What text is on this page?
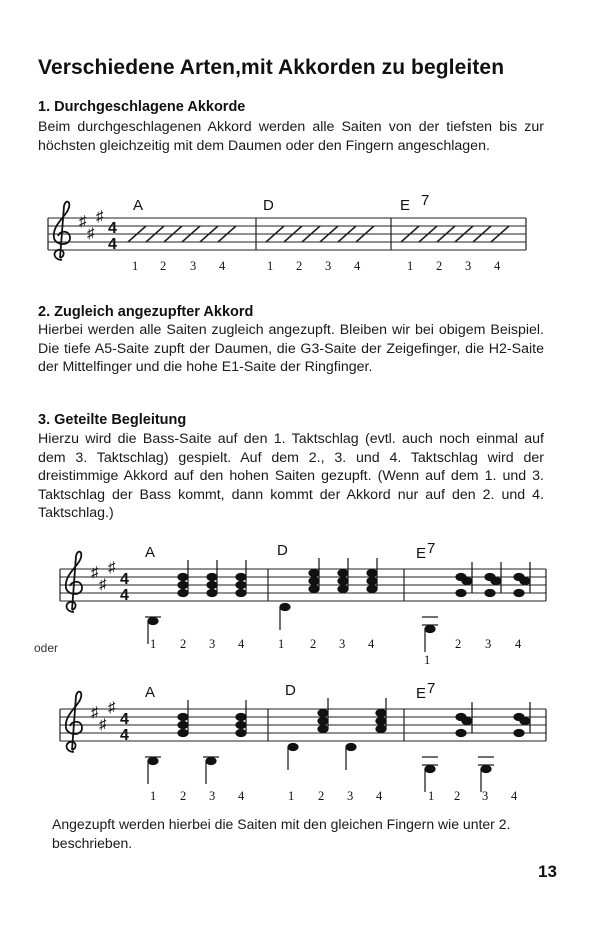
Verschiedene Arten,mit Akkorden zu begleiten
1. Durchgeschlagene Akkorde
Beim durchgeschlagenen Akkord werden alle Saiten von der tiefsten bis zur höchsten gleichzeitig mit dem Daumen oder den Fingern angeschlagen.
♯
♯
♯
4
4
A	D	E 7
1 2 3 4	1 2 3 4	1 2 3 4
2. Zugleich angezupfter Akkord
Hierbei werden alle Saiten zugleich angezupft. Bleiben wir bei obigem Beispiel. Die tiefe A5-Saite zupft der Daumen, die G3-Saite der Zeigefinger, die H2-Saite der Mittelfinger und die hohe E1-Saite der Ringfinger.
3. Geteilte Begleitung
Hierzu wird die Bass-Saite auf den 1. Taktschlag (evtl. auch noch einmal auf dem 3. Taktschlag) gespielt. Auf dem 2., 3. und 4. Taktschlag wird der dreistimmige Akkord auf den hohen Saiten gezupft. (Wenn auf dem 1. und 3. Taktschlag der Bass kommt, dann kommt der Akkord nur auf den 2. und 4. Taktschlag.)
♯
♯
♯
4
4
A	D	E 7
1 2 3 4	1 2 3 4	2 3 4
1
oder
♯
♯
♯
4
4
A	D	E 7
1 2 3 4	1 2 3 4	1 2 3 4
Angezupft werden hierbei die Saiten mit den gleichen Fingern wie unter 2. beschrieben.
13
